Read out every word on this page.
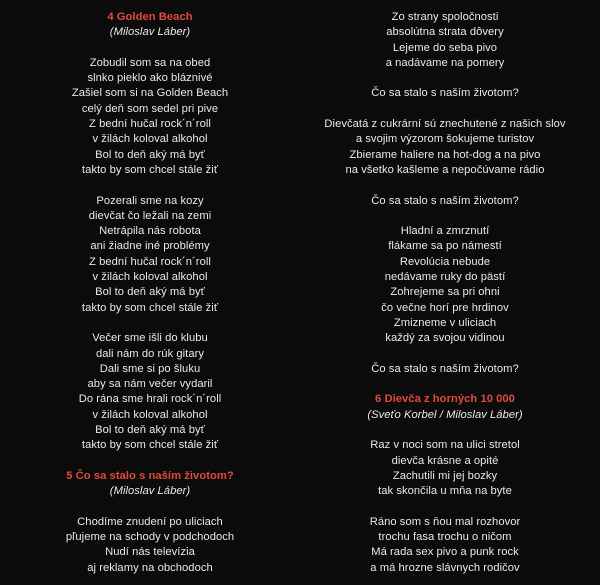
4 Golden Beach
(Miloslav Láber)
Zobudil som sa na obed
slnko pieklo ako bláznivé
Zašiel som si na Golden Beach
celý deň som sedel pri pive
Z bední hučal rock´n´roll
v žilách koloval alkohol
Bol to deň aký má byť
takto by som chcel stále žiť
Pozerali sme na kozy
dievčat čo ležali na zemi
Netrápila nás robota
ani žiadne iné problémy
Z bední hučal rock´n´roll
v žilách koloval alkohol
Bol to deň aký má byť
takto by som chcel stále žiť
Večer sme išli do klubu
dali nám do rúk gitary
Dali sme si po šluku
aby sa nám večer vydaril
Do rána sme hrali rock´n´roll
v žilách koloval alkohol
Bol to deň aký má byť
takto by som chcel stále žiť
5 Čo sa stalo s naším životom?
(Miloslav Láber)
Chodíme znudení po uliciach
pľujeme na schody v podchodoch
Nudí nás televízia
aj reklamy na obchodoch
Zo strany spoločnosti
absolútna strata dôvery
Lejeme do seba pivo
a nadávame na pomery
Čo sa stalo s naším životom?
Dievčatá z cukrární sú znechutené z našich slov
a svojim výzorom šokujeme turistov
Zbierame haliere na hot-dog a na pivo
na všetko kašleme a nepočúvame rádio
Čo sa stalo s naším životom?
Hladní a zmrznutí
flákame sa po námestí
Revolúcia nebude
nedávame ruky do pästí
Zohrejeme sa pri ohni
čo večne horí pre hrdinov
Zmizneme v uliciach
každý za svojou vidinou
Čo sa stalo s naším životom?
6 Dievča z horných 10 000
(Sveťo Korbel / Miloslav Láber)
Raz v noci som na ulici stretol
dievča krásne a opité
Zachutili mi jej bozky
tak skončila u mňa na byte
Ráno som s ňou mal rozhovor
trochu fasa trochu o ničom
Má rada sex pivo a punk rock
a má hrozne slávnych rodičov
